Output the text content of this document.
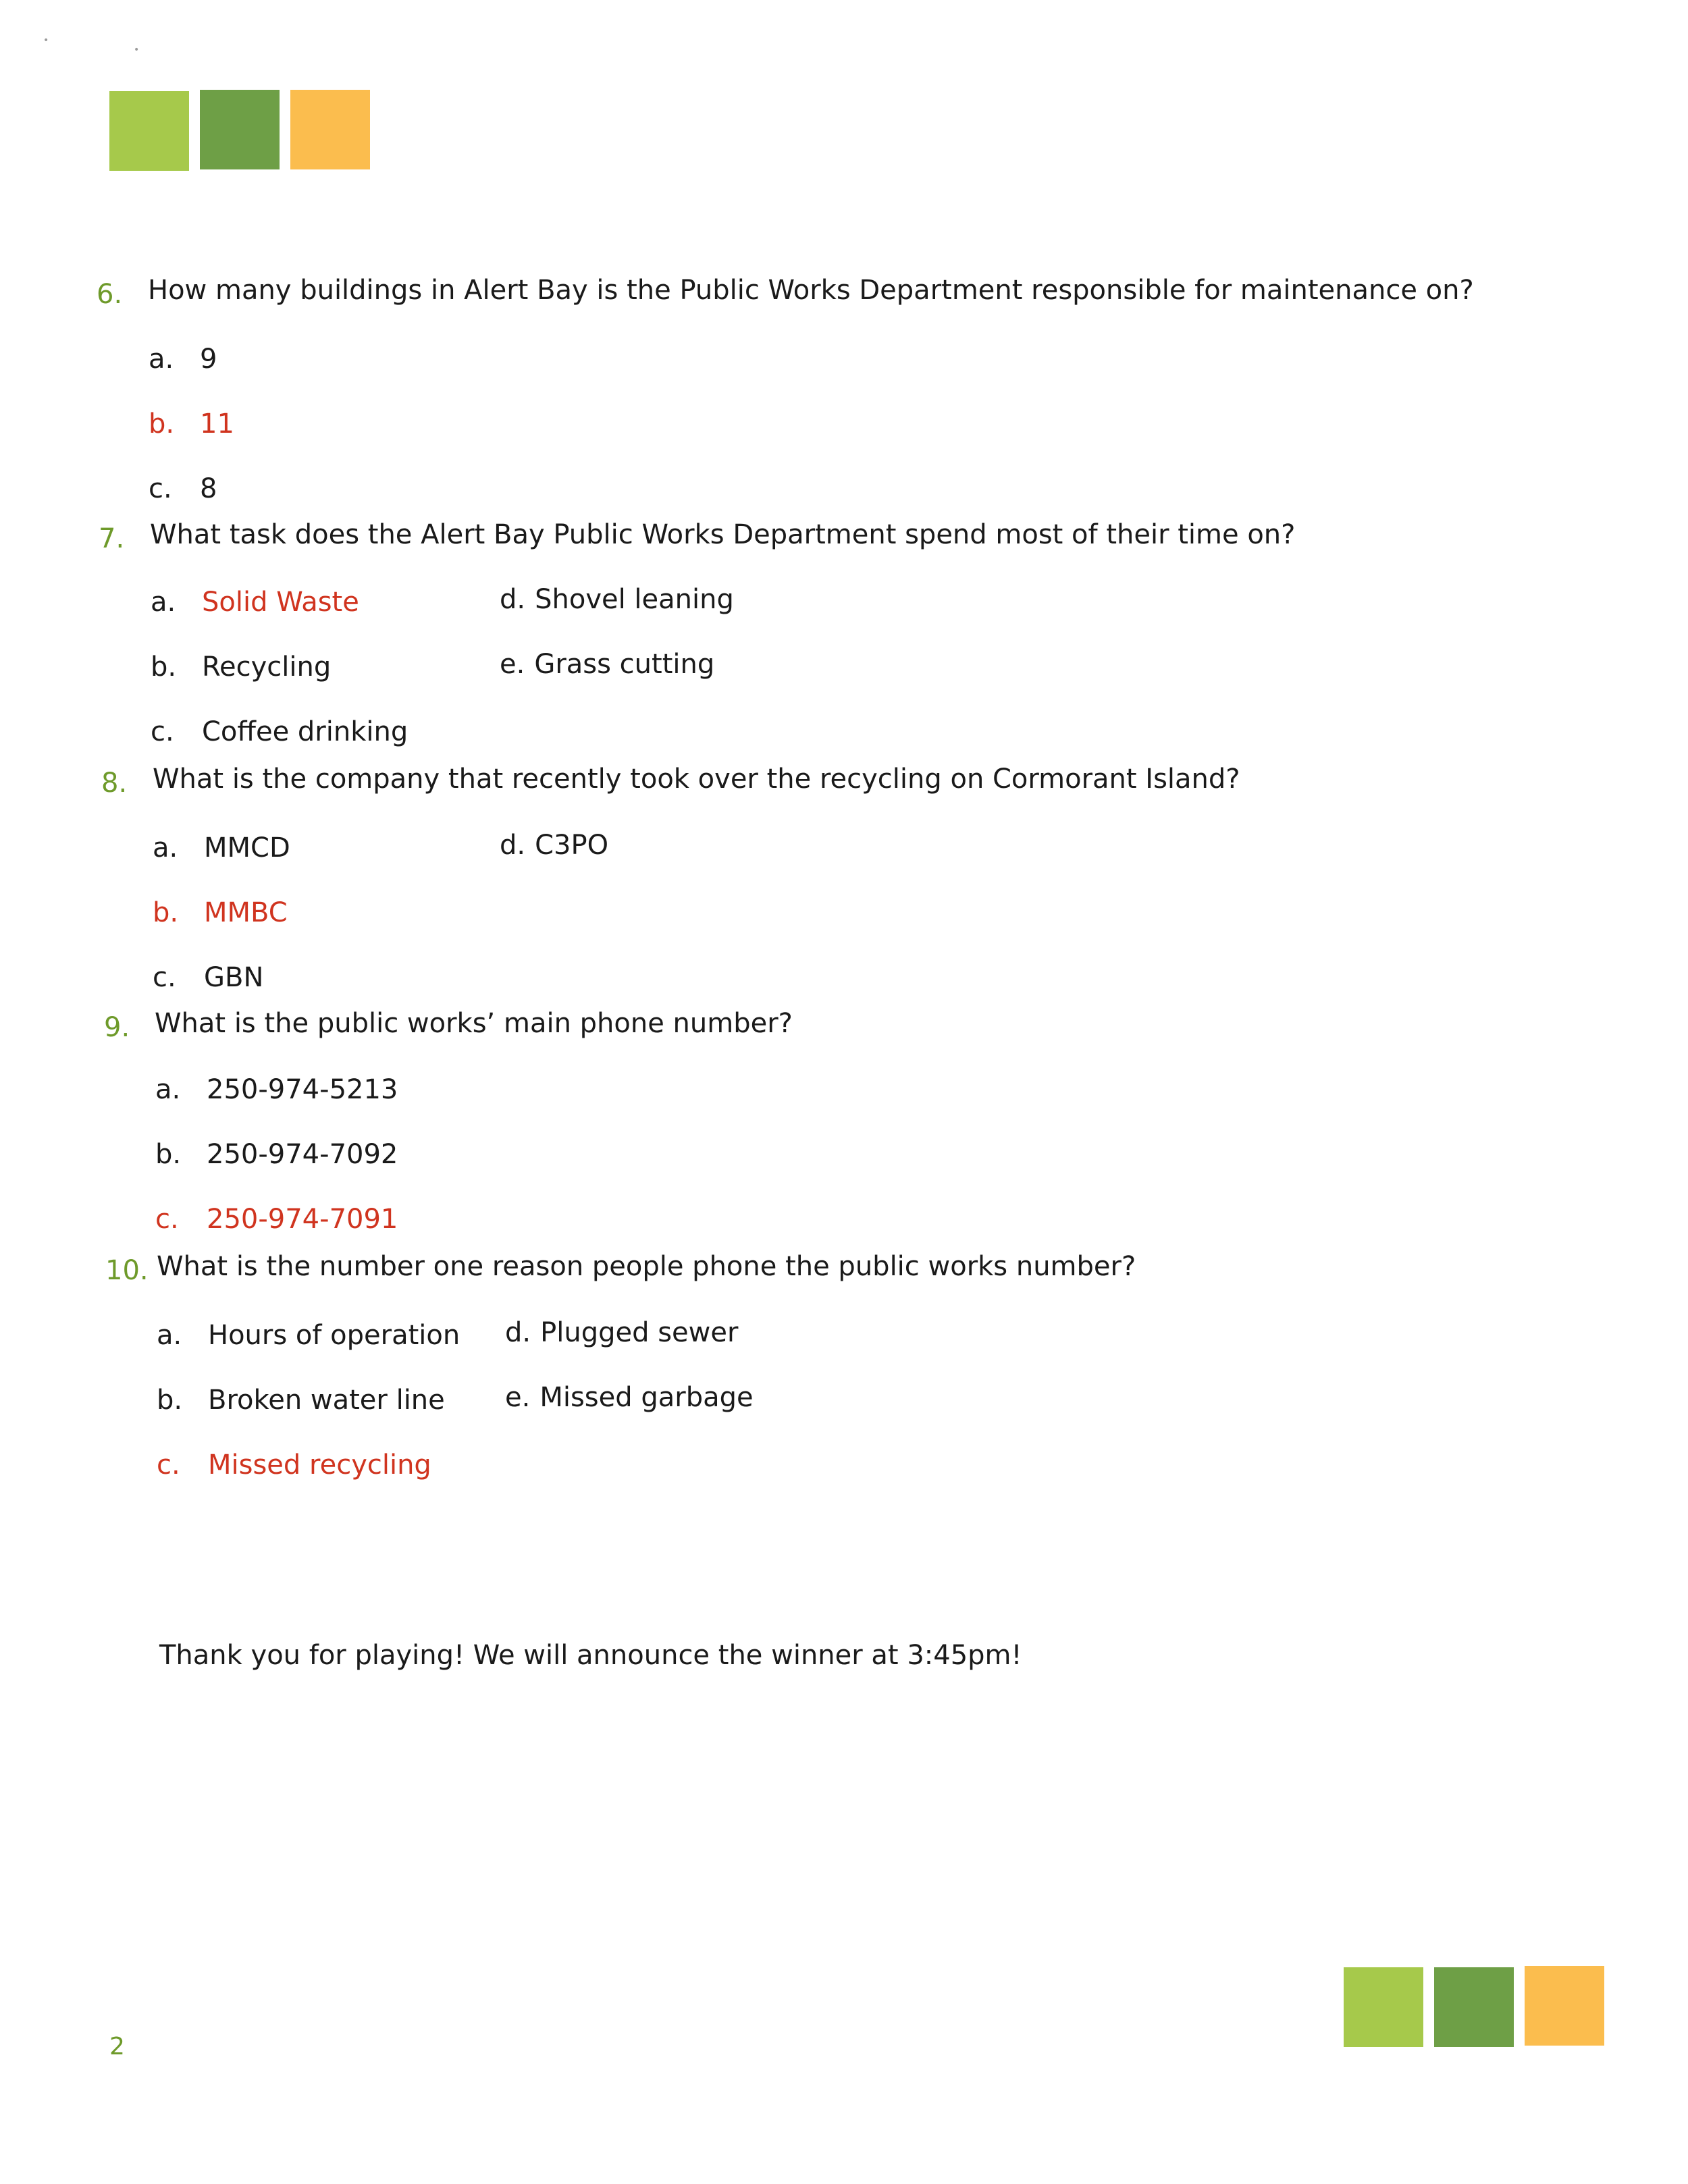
•
•
6. How many buildings in Alert Bay is the Public Works Department responsible for maintenance on?
a. 9
b. 11
c. 8
7. What task does the Alert Bay Public Works Department spend most of their time on?
a. Solid Waste
b. Recycling
c. Coffee drinking
d. Shovel leaning
e. Grass cutting
8. What is the company that recently took over the recycling on Cormorant Island?
a. MMCD
b. MMBC
c. GBN
d. C3PO
9. What is the public works’ main phone number?
a. 250-974-5213
b. 250-974-7092
c. 250-974-7091
10. What is the number one reason people phone the public works number?
a. Hours of operation
b. Broken water line
c. Missed recycling
d. Plugged sewer
e. Missed garbage
Thank you for playing! We will announce the winner at 3:45pm!
2
